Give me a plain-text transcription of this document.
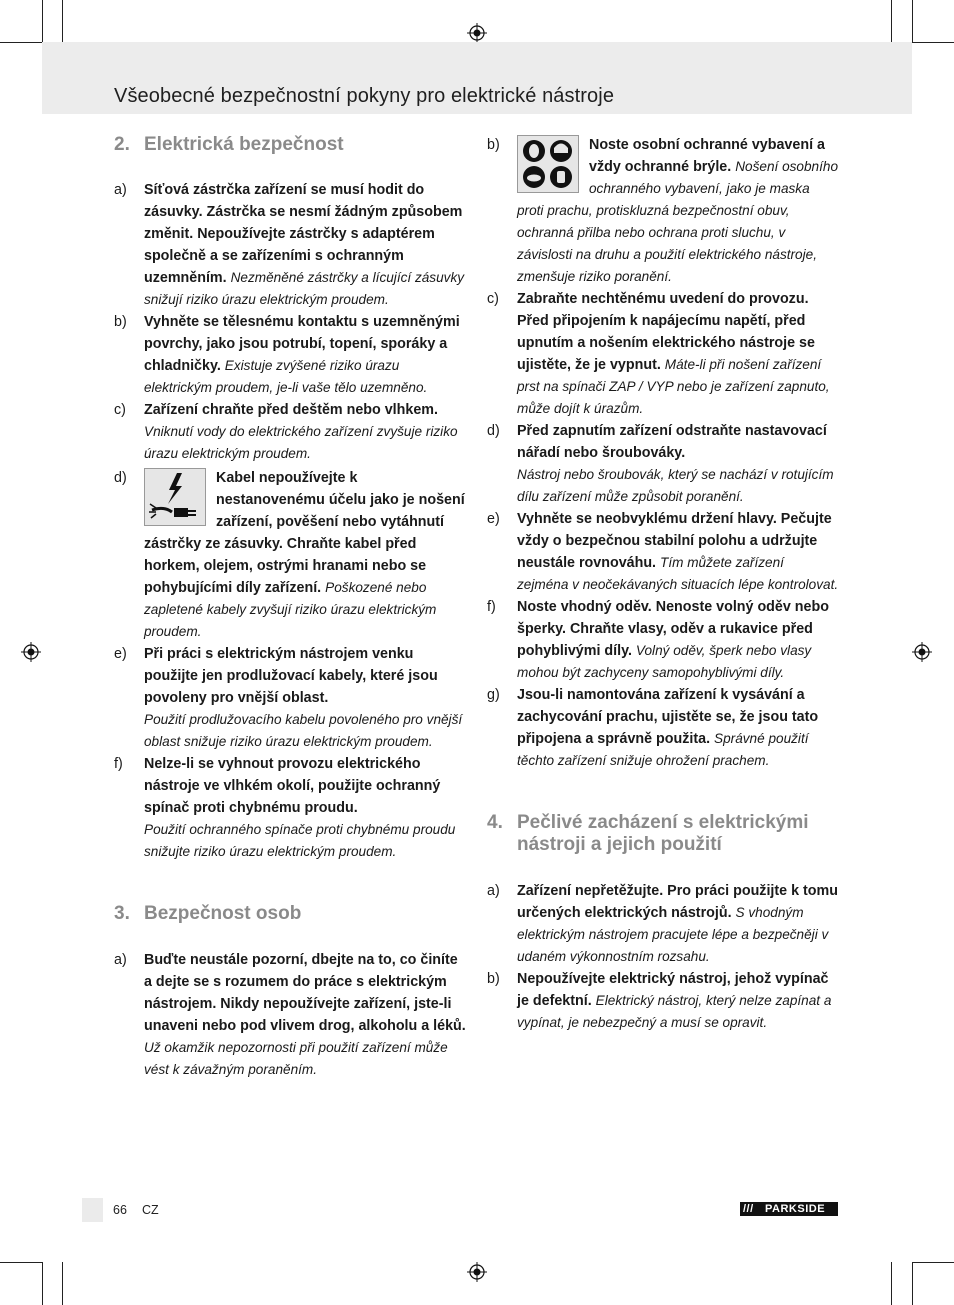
Všeobecné bezpečnostní pokyny pro elektrické nástroje
2. Elektrická bezpečnost
a) Síťová zástrčka zařízení se musí hodit do zásuvky. Zástrčka se nesmí žádným způsobem změnit. Nepoužívejte zástrčky s adaptérem společně a se zařízeními s ochranným uzemněním. Nezměněné zástrčky a lícující zásuvky snižují riziko úrazu elektrickým proudem.
b) Vyhněte se tělesnému kontaktu s uzemněnými povrchy, jako jsou potrubí, topení, sporáky a chladničky. Existuje zvýšené riziko úrazu elektrickým proudem, je-li vaše tělo uzemněno.
c) Zařízení chraňte před deštěm nebo vlhkem. Vniknutí vody do elektrického zařízení zvyšuje riziko úrazu elektrickým proudem.
d)	Kabel nepoužívejte k nestanovenému účelu jako je nošení zařízení, pověšení nebo vytáhnutí zástrčky ze zásuvky. Chraňte kabel před horkem, olejem, ostrými hranami nebo se pohybujícími díly zařízení. Poškozené nebo zapletené kabely zvyšují riziko úrazu elektrickým proudem.
e) Při práci s elektrickým nástrojem venku použijte jen prodlužovací kabely, které jsou povoleny pro vnější oblast.
Použití prodlužovacího kabelu povoleného pro vnější oblast snižuje riziko úrazu elektrickým proudem.
f) Nelze-li se vyhnout provozu elektrického nástroje ve vlhkém okolí, použijte ochranný spínač proti chybnému proudu.
Použití ochranného spínače proti chybnému proudu snižujte riziko úrazu elektrickým proudem.
3. Bezpečnost osob
a) Buďte neustále pozorní, dbejte na to, co činíte a dejte se s rozumem do práce s elektrickým nástrojem. Nikdy nepoužívejte zařízení, jste-li unaveni nebo pod vlivem drog, alkoholu a léků. Už okamžik nepozornosti při použití zařízení může vést k závažným poraněním.
b)	Noste osobní ochranné vybavení a vždy ochranné brýle. Nošení osobního ochranného vybavení, jako je maska proti prachu, protiskluzná bezpečnostní obuv, ochranná přilba nebo ochrana proti sluchu, v závislosti na druhu a použití elektrického nástroje, zmenšuje riziko poranění.
c) Zabraňte nechtěnému uvedení do provozu. Před připojením k napájecímu napětí, před upnutím a nošením elektrického nástroje se ujistěte, že je vypnut. Máte-li při nošení zařízení prst na spínači ZAP / VYP nebo je zařízení zapnuto, může dojít k úrazům.
d) Před zapnutím zařízení odstraňte nastavovací nářadí nebo šroubováky.
Nástroj nebo šroubovák, který se nachází v rotujícím dílu zařízení může způsobit poranění.
e) Vyhněte se neobvyklému držení hlavy. Pečujte vždy o bezpečnou stabilní polohu a udržujte neustále rovnováhu. Tím můžete zařízení zejména v neočekávaných situacích lépe kontrolovat.
f) Noste vhodný oděv. Nenoste volný oděv nebo šperky. Chraňte vlasy, oděv a rukavice před pohyblivými díly. Volný oděv, šperk nebo vlasy mohou být zachyceny samopohyblivými díly.
g) Jsou-li namontována zařízení k vysávání a zachycování prachu, ujistěte se, že jsou tato připojena a správně použita. Správné použití těchto zařízení snižuje ohrožení prachem.
4. Pečlivé zacházení s elektrickými nástroji a jejich použití
a) Zařízení nepřetěžujte. Pro práci použijte k tomu určených elektrických nástrojů. S vhodným elektrickým nástrojem pracujete lépe a bezpečněji v udaném výkonnostním rozsahu.
b) Nepoužívejte elektrický nástroj, jehož vypínač je defektní. Elektrický nástroj, který nelze zapínat a vypínat, je nebezpečný a musí se opravit.
66 CZ	/// PARKSIDE
